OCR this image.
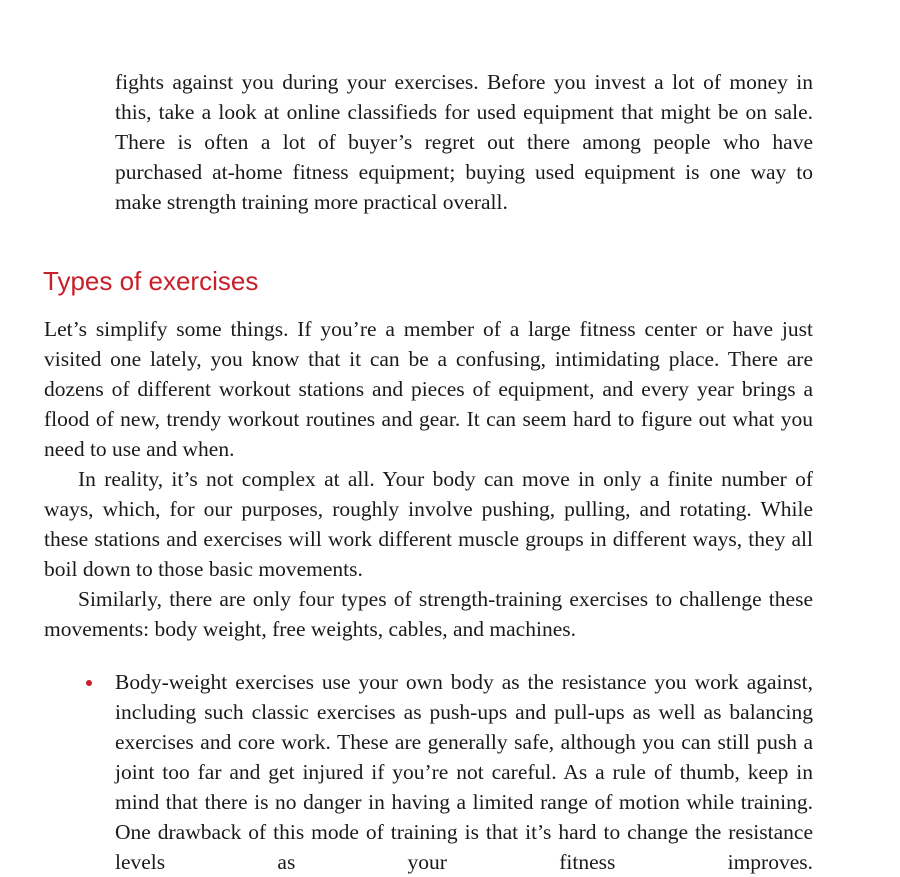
fights against you during your exercises. Before you invest a lot of money in this, take a look at online classifieds for used equipment that might be on sale. There is often a lot of buyer’s regret out there among people who have purchased at-home fitness equipment; buying used equipment is one way to make strength training more practical overall.

Types of exercises
Let’s simplify some things. If you’re a member of a large fitness center or have just visited one lately, you know that it can be a confusing, intimidating place. There are dozens of different workout stations and pieces of equipment, and every year brings a flood of new, trendy workout routines and gear. It can seem hard to figure out what you need to use and when.
In reality, it’s not complex at all. Your body can move in only a finite number of ways, which, for our purposes, roughly involve pushing, pulling, and rotating. While these stations and exercises will work different muscle groups in different ways, they all boil down to those basic movements.
Similarly, there are only four types of strength-training exercises to challenge these movements: body weight, free weights, cables, and machines.
Body-weight exercises use your own body as the resistance you work against, including such classic exercises as push-ups and pull-ups as well as balancing exercises and core work. These are generally safe, although you can still push a joint too far and get injured if you’re not careful. As a rule of thumb, keep in mind that there is no danger in having a limited range of motion while training. One drawback of this mode of training is that it’s hard to change the resistance levels as your fitness improves.
